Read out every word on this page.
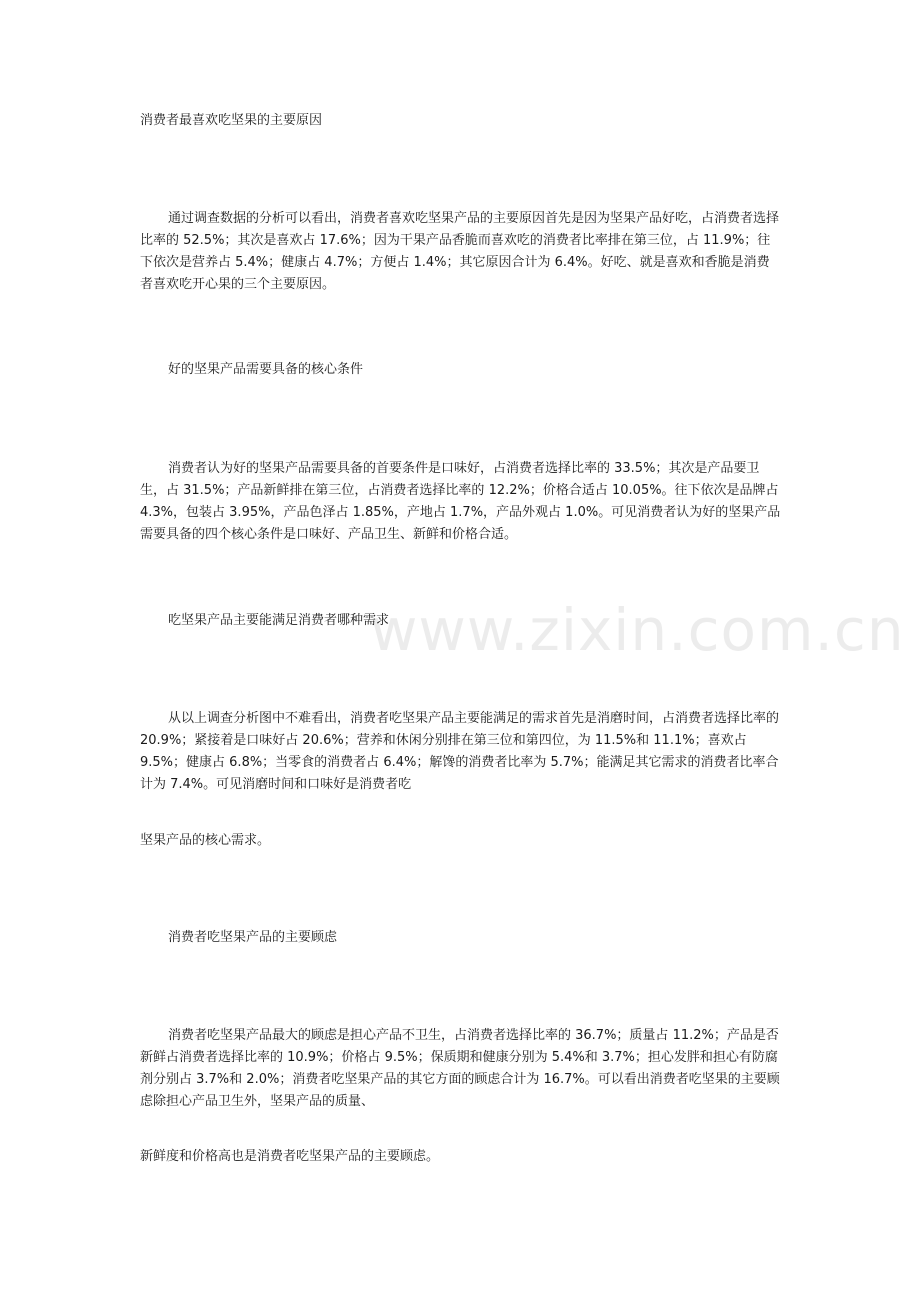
www.zixin.com.cn

消费者最喜欢吃坚果的主要原因

通过调查数据的分析可以看出，消费者喜欢吃坚果产品的主要原因首先是因为坚果产品好吃，占消费者选择比率的 52.5%；其次是喜欢占 17.6%；因为干果产品香脆而喜欢吃的消费者比率排在第三位，占 11.9%；往下依次是营养占 5.4%；健康占 4.7%；方便占 1.4%；其它原因合计为 6.4%。好吃、就是喜欢和香脆是消费者喜欢吃开心果的三个主要原因。

好的坚果产品需要具备的核心条件

消费者认为好的坚果产品需要具备的首要条件是口味好，占消费者选择比率的 33.5%；其次是产品要卫生，占 31.5%；产品新鲜排在第三位，占消费者选择比率的 12.2%；价格合适占 10.05%。往下依次是品牌占 4.3%，包装占 3.95%，产品色泽占 1.85%，产地占 1.7%，产品外观占 1.0%。可见消费者认为好的坚果产品需要具备的四个核心条件是口味好、产品卫生、新鲜和价格合适。

吃坚果产品主要能满足消费者哪种需求

从以上调查分析图中不难看出，消费者吃坚果产品主要能满足的需求首先是消磨时间，占消费者选择比率的 20.9%；紧接着是口味好占 20.6%；营养和休闲分别排在第三位和第四位，为 11.5%和 11.1%；喜欢占 9.5%；健康占 6.8%；当零食的消费者占 6.4%；解馋的消费者比率为 5.7%；能满足其它需求的消费者比率合计为 7.4%。可见消磨时间和口味好是消费者吃

坚果产品的核心需求。

消费者吃坚果产品的主要顾虑

消费者吃坚果产品最大的顾虑是担心产品不卫生，占消费者选择比率的 36.7%；质量占 11.2%；产品是否新鲜占消费者选择比率的 10.9%；价格占 9.5%；保质期和健康分别为 5.4%和 3.7%；担心发胖和担心有防腐剂分别占 3.7%和 2.0%；消费者吃坚果产品的其它方面的顾虑合计为 16.7%。可以看出消费者吃坚果的主要顾虑除担心产品卫生外，坚果产品的质量、

新鲜度和价格高也是消费者吃坚果产品的主要顾虑。
